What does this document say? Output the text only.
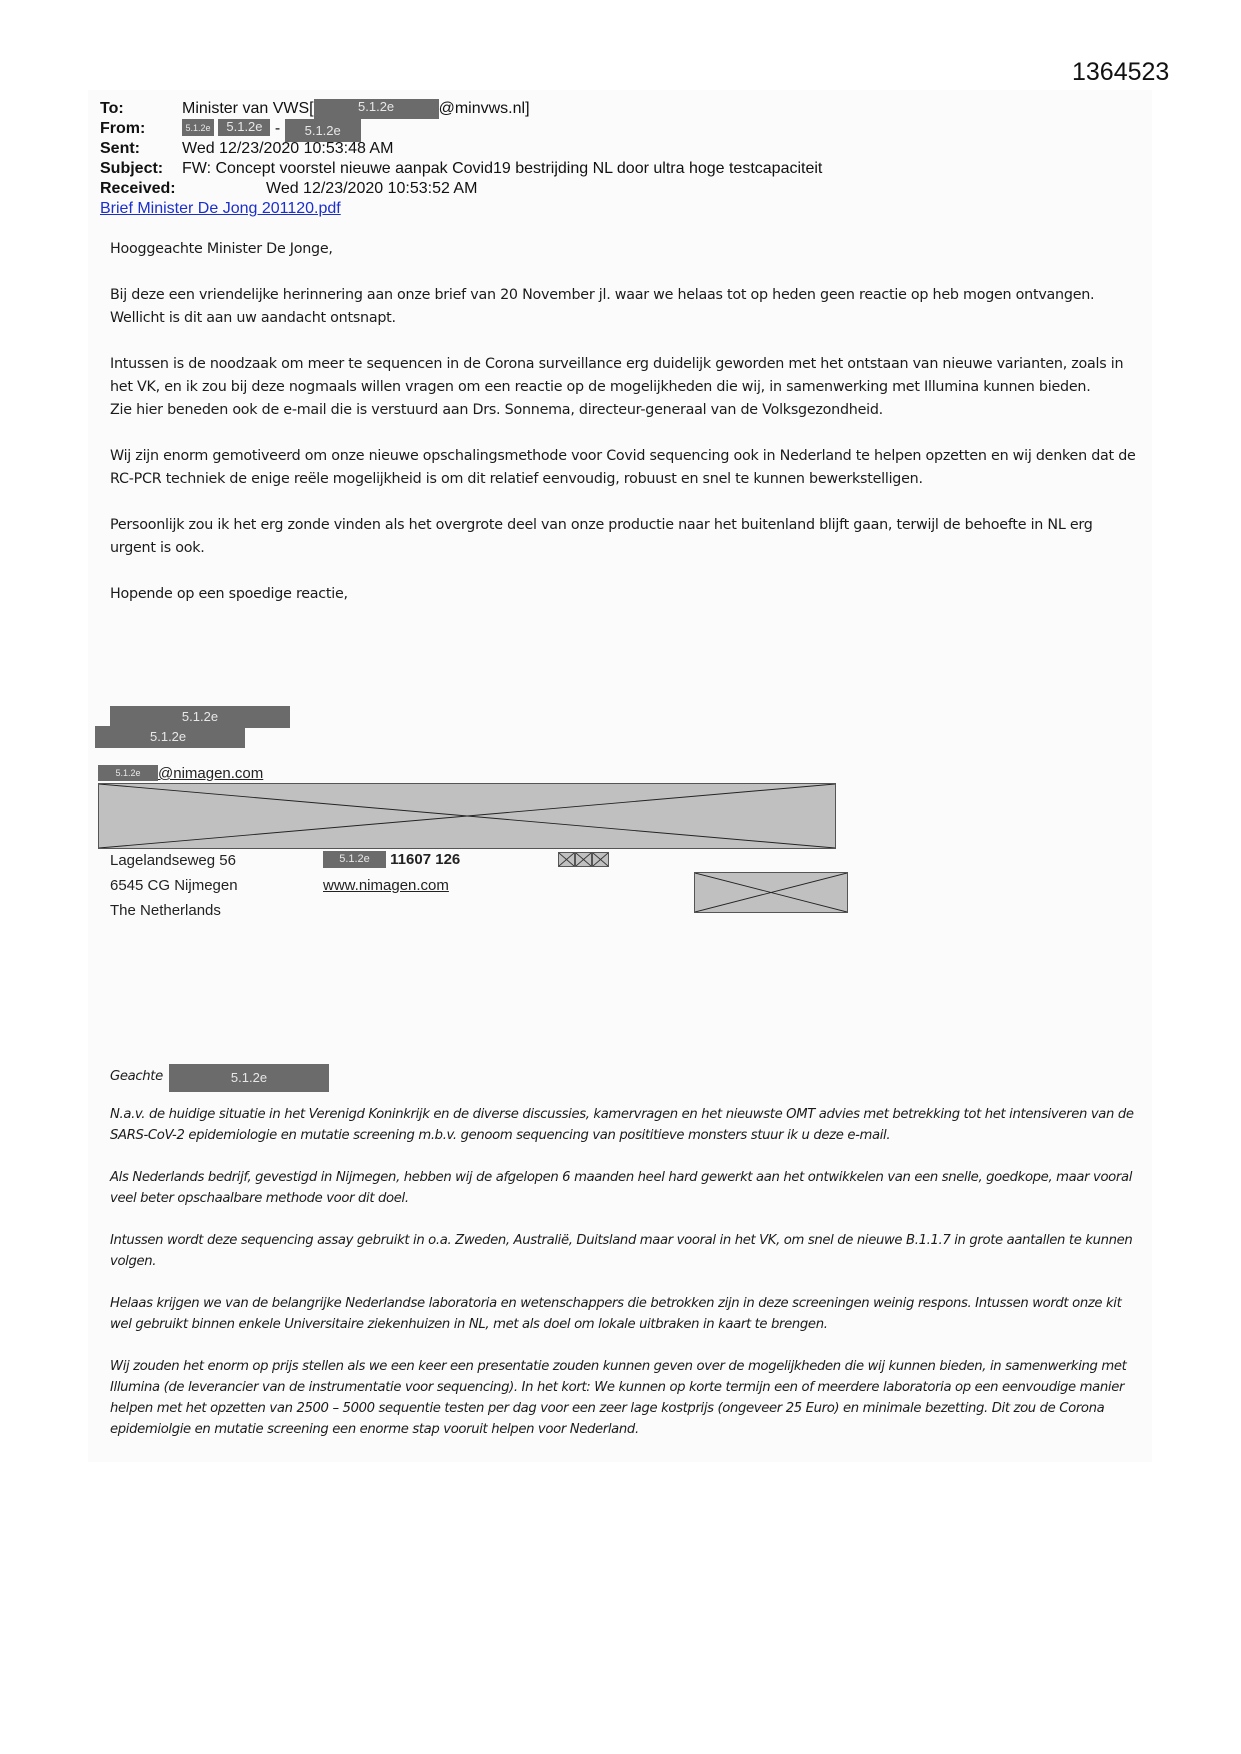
1364523
To:	Minister van VWS[	5.1.2e	@minvws.nl]
From:	5.1.2e 5.1.2e - 5.1.2e
Sent:	Wed 12/23/2020 10:53:48 AM
Subject: FW: Concept voorstel nieuwe aanpak Covid19 bestrijding NL door ultra hoge testcapaciteit
Received:	Wed 12/23/2020 10:53:52 AM
Brief Minister De Jong 201120.pdf

Hooggeachte Minister De Jonge,

Bij deze een vriendelijke herinnering aan onze brief van 20 November jl. waar we helaas tot op heden geen reactie op heb mogen ontvangen. Wellicht is dit aan uw aandacht ontsnapt.

Intussen is de noodzaak om meer te sequencen in de Corona surveillance erg duidelijk geworden met het ontstaan van nieuwe varianten, zoals in het VK, en ik zou bij deze nogmaals willen vragen om een reactie op de mogelijkheden die wij, in samenwerking met Illumina kunnen bieden.

Zie hier beneden ook de e-mail die is verstuurd aan Drs. Sonnema, directeur-generaal van de Volksgezondheid.

Wij zijn enorm gemotiveerd om onze nieuwe opschalingsmethode voor Covid sequencing ook in Nederland te helpen opzetten en wij denken dat de RC-PCR techniek de enige reële mogelijkheid is om dit relatief eenvoudig, robuust en snel te kunnen bewerkstelligen.

Persoonlijk zou ik het erg zonde vinden als het overgrote deel van onze productie naar het buitenland blijft gaan, terwijl de behoefte in NL erg urgent is ook.

Hopende op een spoedige reactie,

5.1.2e
5.1.2e
5.1.2e @nimagen.com
Lagelandseweg 56
6545 CG Nijmegen
The Netherlands
5.1.2e 11607 126
www.nimagen.com
Geachte	5.1.2e

N.a.v. de huidige situatie in het Verenigd Koninkrijk en de diverse discussies, kamervragen en het nieuwste OMT advies met betrekking tot het intensiveren van de SARS-CoV-2 epidemiologie en mutatie screening m.b.v. genoom sequencing van posititieve monsters stuur ik u deze e-mail.

Als Nederlands bedrijf, gevestigd in Nijmegen, hebben wij de afgelopen 6 maanden heel hard gewerkt aan het ontwikkelen van een snelle, goedkope, maar vooral veel beter opschaalbare methode voor dit doel.

Intussen wordt deze sequencing assay gebruikt in o.a. Zweden, Australië, Duitsland maar vooral in het VK, om snel de nieuwe B.1.1.7 in grote aantallen te kunnen volgen.

Helaas krijgen we van de belangrijke Nederlandse laboratoria en wetenschappers die betrokken zijn in deze screeningen weinig respons. Intussen wordt onze kit wel gebruikt binnen enkele Universitaire ziekenhuizen in NL, met als doel om lokale uitbraken in kaart te brengen.

Wij zouden het enorm op prijs stellen als we een keer een presentatie zouden kunnen geven over de mogelijkheden die wij kunnen bieden, in samenwerking met Illumina (de leverancier van de instrumentatie voor sequencing). In het kort: We kunnen op korte termijn een of meerdere laboratoria op een eenvoudige manier helpen met het opzetten van 2500 – 5000 sequentie testen per dag voor een zeer lage kostprijs (ongeveer 25 Euro) en minimale bezetting. Dit zou de Corona epidemiolgie en mutatie screening een enorme stap vooruit helpen voor Nederland.
